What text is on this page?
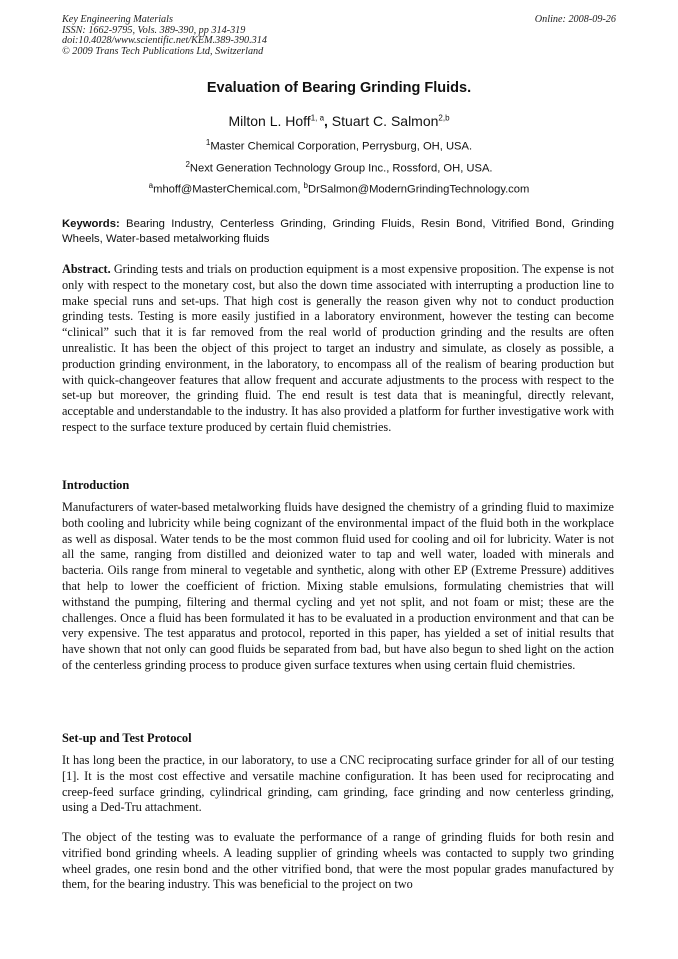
Key Engineering Materials
ISSN: 1662-9795, Vols. 389-390, pp 314-319
doi:10.4028/www.scientific.net/KEM.389-390.314
© 2009 Trans Tech Publications Ltd, Switzerland
Online: 2008-09-26
Evaluation of Bearing Grinding Fluids.
Milton L. Hoff$^{1, a}$, Stuart C. Salmon$^{2,b}$
$^1$Master Chemical Corporation, Perrysburg, OH, USA.
$^2$Next Generation Technology Group Inc., Rossford, OH, USA.
$^a$mhoff@MasterChemical.com, $^b$DrSalmon@ModernGrindingTechnology.com
Keywords: Bearing Industry, Centerless Grinding, Grinding Fluids, Resin Bond, Vitrified Bond, Grinding Wheels, Water-based metalworking fluids

Abstract. Grinding tests and trials on production equipment is a most expensive proposition. The expense is not only with respect to the monetary cost, but also the down time associated with interrupting a production line to make special runs and set-ups. That high cost is generally the reason given why not to conduct production grinding tests. Testing is more easily justified in a laboratory environment, however the testing can become “clinical” such that it is far removed from the real world of production grinding and the results are often unrealistic. It has been the object of this project to target an industry and simulate, as closely as possible, a production grinding environment, in the laboratory, to encompass all of the realism of bearing production but with quick-changeover features that allow frequent and accurate adjustments to the process with respect to the set-up but moreover, the grinding fluid. The end result is test data that is meaningful, directly relevant, acceptable and understandable to the industry. It has also provided a platform for further investigative work with respect to the surface texture produced by certain fluid chemistries.

Introduction

Manufacturers of water-based metalworking fluids have designed the chemistry of a grinding fluid to maximize both cooling and lubricity while being cognizant of the environmental impact of the fluid both in the workplace as well as disposal. Water tends to be the most common fluid used for cooling and oil for lubricity. Water is not all the same, ranging from distilled and deionized water to tap and well water, loaded with minerals and bacteria. Oils range from mineral to vegetable and synthetic, along with other EP (Extreme Pressure) additives that help to lower the coefficient of friction. Mixing stable emulsions, formulating chemistries that will withstand the pumping, filtering and thermal cycling and yet not split, and not foam or mist; these are the challenges. Once a fluid has been formulated it has to be evaluated in a production environment and that can be very expensive. The test apparatus and protocol, reported in this paper, has yielded a set of initial results that have shown that not only can good fluids be separated from bad, but have also begun to shed light on the action of the centerless grinding process to produce given surface textures when using certain fluid chemistries.

Set-up and Test Protocol

It has long been the practice, in our laboratory, to use a CNC reciprocating surface grinder for all of our testing [1]. It is the most cost effective and versatile machine configuration. It has been used for reciprocating and creep-feed surface grinding, cylindrical grinding, cam grinding, face grinding and now centerless grinding, using a Ded-Tru attachment.

The object of the testing was to evaluate the performance of a range of grinding fluids for both resin and vitrified bond grinding wheels. A leading supplier of grinding wheels was contacted to supply two grinding wheel grades, one resin bond and the other vitrified bond, that were the most popular grades manufactured by them, for the bearing industry. This was beneficial to the project on two
